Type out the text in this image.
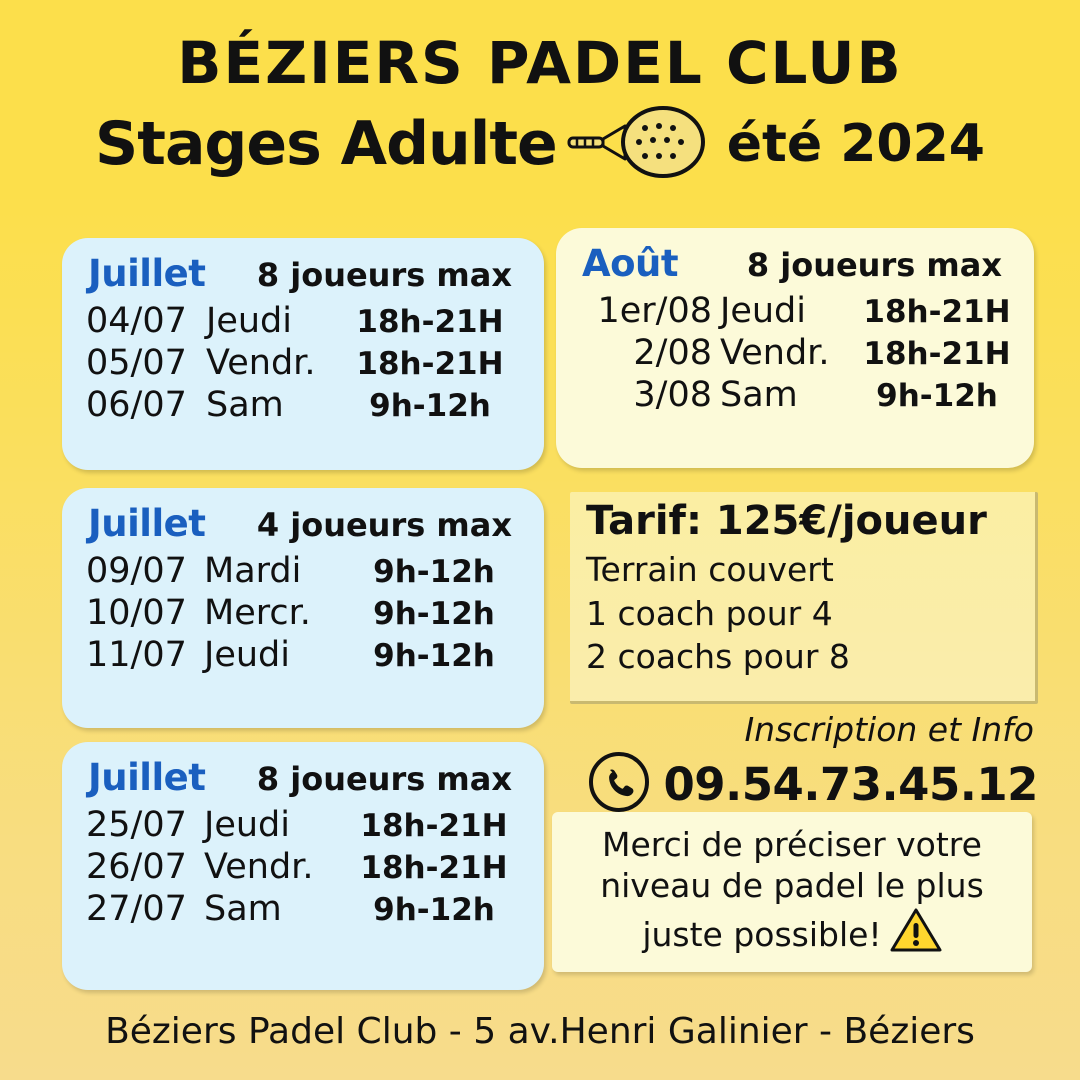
BÉZIERS PADEL CLUB
Stages Adulte	été 2024
Juillet 8 joueurs max
04/07 Jeudi	18h-21H
05/07 Vendr.	18h-21H
06/07 Sam	9h-12h
Août 8 joueurs max
1er/08 Jeudi	18h-21H
2/08 Vendr.	18h-21H
3/08 Sam	9h-12h
Juillet 4 joueurs max
09/07 Mardi	9h-12h
10/07 Mercr.	9h-12h
11/07 Jeudi	9h-12h
Juillet 8 joueurs max
25/07 Jeudi	18h-21H
26/07 Vendr.	18h-21H
27/07 Sam	9h-12h
Tarif: 125€/joueur
Terrain couvert
1 coach pour 4
2 coachs pour 8
Inscription et Info
09.54.73.45.12
Merci de préciser votre
niveau de padel le plus
juste possible!
Béziers Padel Club - 5 av.Henri Galinier - Béziers
